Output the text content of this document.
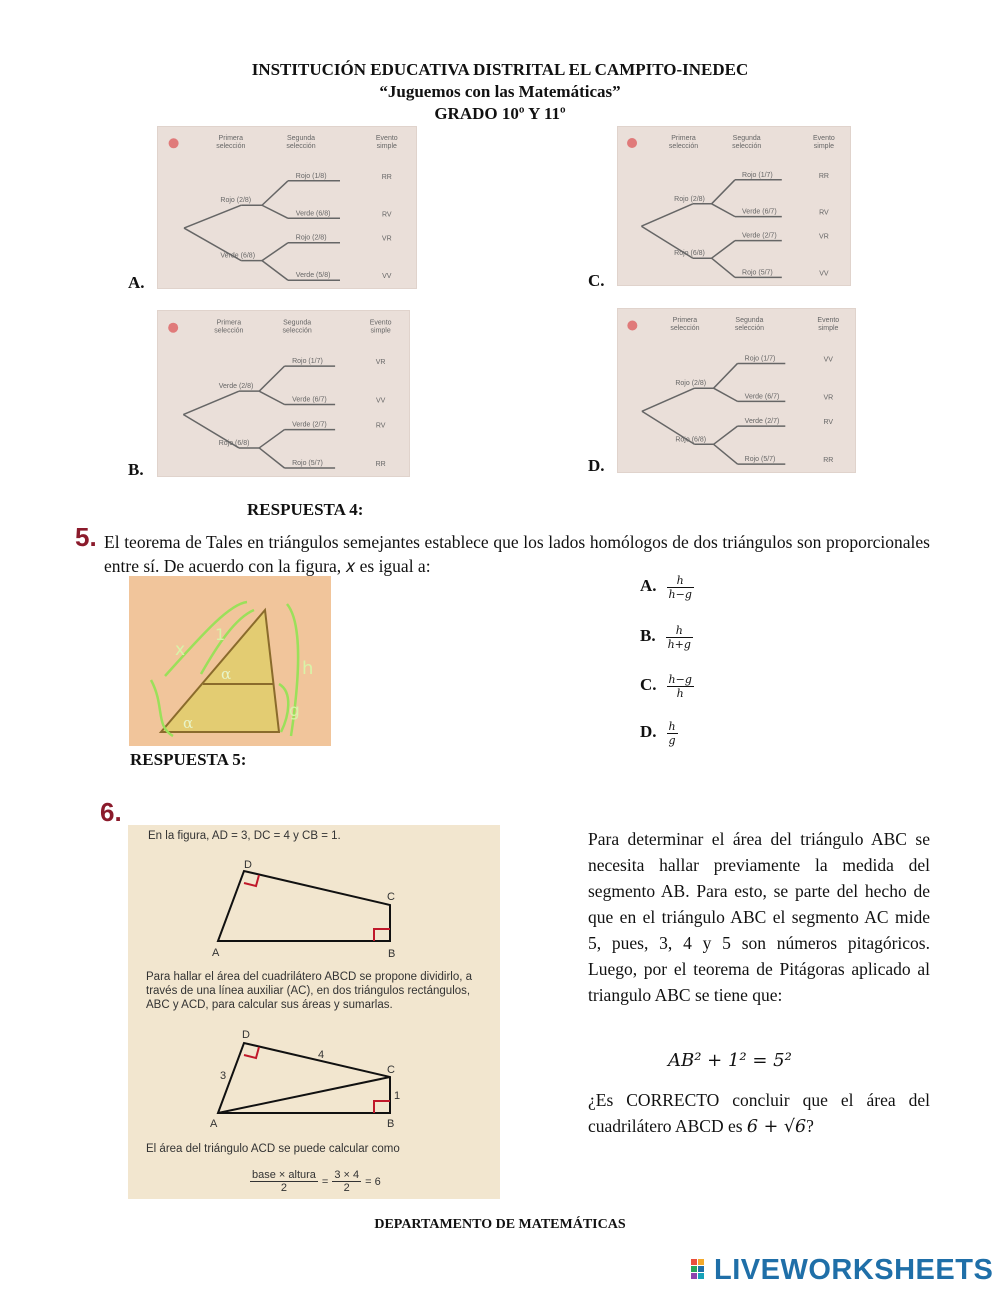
INSTITUCIÓN EDUCATIVA DISTRITAL EL CAMPITO-INEDEC
“Juguemos con las Matemáticas”
GRADO 10º Y 11º
A.
Primera selección
Segunda selección
Evento simple
Rojo (2/8)
Verde (6/8)
Rojo (1/8)	RR
Verde (6/8)	RV
Rojo (2/8)	VR
Verde (5/8)	VV
B.
Primera selección
Segunda selección
Evento simple
Verde (2/8)
Rojo (6/8)
Rojo (1/7)	VR
Verde (6/7)	VV
Verde (2/7)	RV
Rojo (5/7)	RR
C.
Primera selección
Segunda selección
Evento simple
Rojo (2/8)
Rojo (6/8)
Rojo (1/7)	RR
Verde (6/7)	RV
Verde (2/7)	VR
Rojo (5/7)	VV
D.
Primera selección
Segunda selección
Evento simple
Rojo (2/8)
Rojo (6/8)
Rojo (1/7)	VV
Verde (6/7)	VR
Verde (2/7)	RV
Rojo (5/7)	RR
RESPUESTA 4:
5. El teorema de Tales en triángulos semejantes establece que los lados homólogos de dos triángulos son proporcionales entre sí. De acuerdo con la figura, 𝑥 es igual a:
x
1
α
α
h
g
A. $\frac{\text{ℎ}}{\text{ℎ−𝑔}}$
B. $\frac{\text{ℎ}}{\text{ℎ+𝑔}}$
C. $\frac{\text{ℎ−𝑔}}{\text{ℎ}}$
D. $\frac{\text{ℎ}}{\text{𝑔}}$
RESPUESTA 5:
6.
En la figura, AD = 3, DC = 4 y CB = 1.
D
C
A	B
Para hallar el área del cuadrilátero ABCD se propone dividirlo, a través de una línea auxiliar (AC), en dos triángulos rectángulos, ABC y ACD, para calcular sus áreas y sumarlas.
D
C
A	B
3
4
1
El área del triángulo ACD se puede calcular como
base × altura
2
= $\frac{3 \times 4}{2} = 6$
Para determinar el área del triángulo ABC se necesita hallar previamente la medida del segmento AB. Para esto, se parte del hecho de que en el triángulo ABC el segmento AC mide 5, pues, 3, 4 y 5 son números pitagóricos. Luego, por el teorema de Pitágoras aplicado al triangulo ABC se tiene que:
𝐴𝐵² + 1² = 5²
¿Es CORRECTO concluir que el área del cuadrilátero ABCD es 6 + √6?
DEPARTAMENTO DE MATEMÁTICAS
LIVEWORKSHEETS
